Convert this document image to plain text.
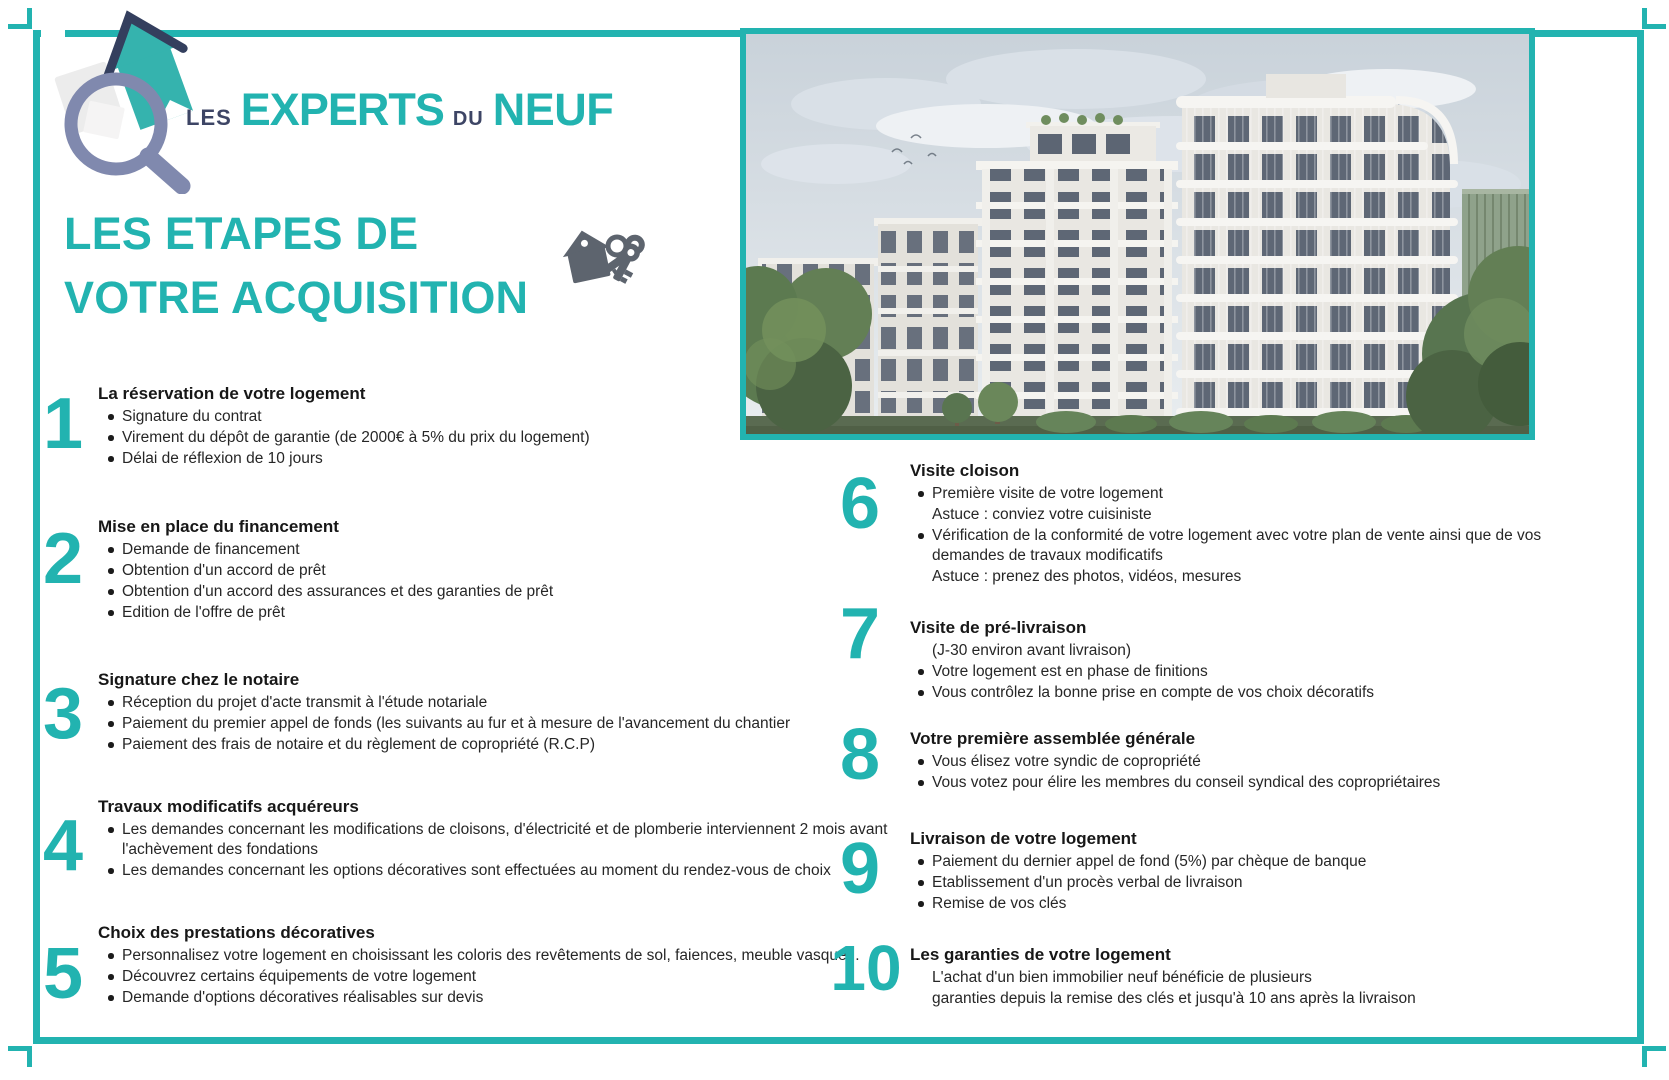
LES EXPERTS DU NEUF
LES ETAPES DE
VOTRE ACQUISITION
1 La réservation de votre logement
Signature du contrat
Virement du dépôt de garantie (de 2000€ à 5% du prix du logement)
Délai de réflexion de 10 jours
2 Mise en place du financement
Demande de financement
Obtention d'un accord de prêt
Obtention d'un accord des assurances et des garanties de prêt
Edition de l'offre de prêt
3 Signature chez le notaire
Réception du projet d'acte transmit à l'étude notariale
Paiement du premier appel de fonds (les suivants au fur et à mesure de l'avancement du chantier
Paiement des frais de notaire et du règlement de copropriété (R.C.P)
4 Travaux modificatifs acquéreurs
Les demandes concernant les modifications de cloisons, d'électricité et de plomberie interviennent 2 mois avant l'achèvement des fondations
Les demandes concernant les options décoratives sont effectuées au moment du rendez-vous de choix
5
Choix des prestations décoratives
Personnalisez votre logement en choisissant les coloris des revêtements de sol, faiences, meuble vasque...
Découvrez certains équipements de votre logement
Demande d'options décoratives réalisables sur devis
6	Visite cloison
Première visite de votre logement
Astuce : conviez votre cuisiniste
Vérification de la conformité de votre logement avec votre plan de vente ainsi que de vos demandes de travaux modificatifs
Astuce : prenez des photos, vidéos, mesures
7	Visite de pré-livraison
(J-30 environ avant livraison)
Votre logement est en phase de finitions
Vous contrôlez la bonne prise en compte de vos choix décoratifs
8	Votre première assemblée générale
Vous élisez votre syndic de copropriété
Vous votez pour élire les membres du conseil syndical des copropriétaires
9	Livraison de votre logement
Paiement du dernier appel de fond (5%) par chèque de banque
Etablissement d'un procès verbal de livraison
Remise de vos clés
10 Les garanties de votre logement
L'achat d'un bien immobilier neuf bénéficie de plusieurs
garanties depuis la remise des clés et jusqu'à 10 ans après la livraison
